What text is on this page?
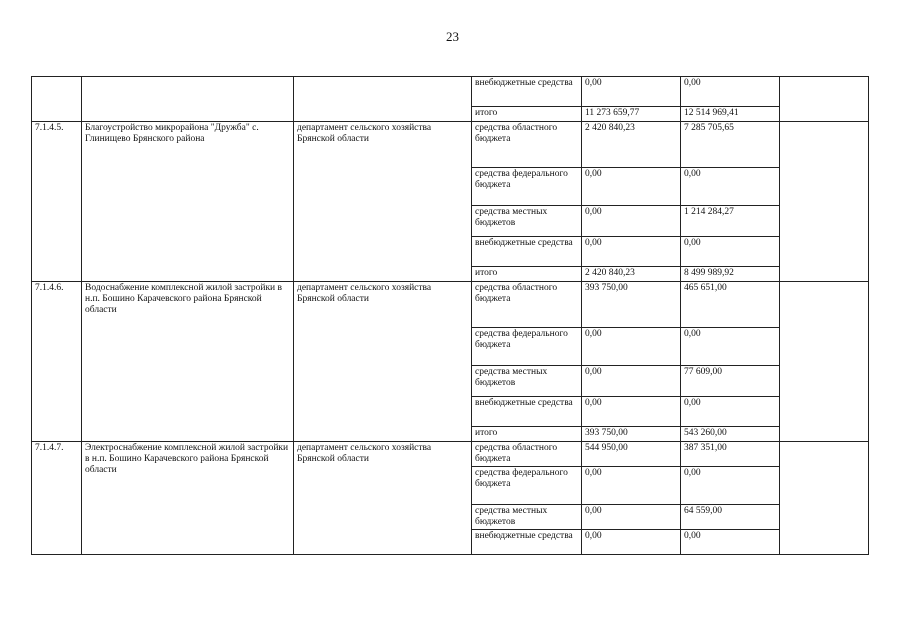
23
			внебюджетные средства	0,00	0,00	
			итого	11 273 659,77	12 514 969,41	
7.1.4.5.	Благоустройство микрорайона "Дружба" с. Глинищево Брянского района	департамент сельского хозяйства Брянской области	средства областного бюджета	2 420 840,23	7 285 705,65	
			средства федерального бюджета	0,00	0,00	
			средства местных бюджетов	0,00	1 214 284,27	
			внебюджетные средства	0,00	0,00	
			итого	2 420 840,23	8 499 989,92	
7.1.4.6.	Водоснабжение комплексной жилой застройки в н.п. Бошино Карачевского района Брянской области	департамент сельского хозяйства Брянской области	средства областного бюджета	393 750,00	465 651,00	
			средства федерального бюджета	0,00	0,00	
			средства местных бюджетов	0,00	77 609,00	
			внебюджетные средства	0,00	0,00	
			итого	393 750,00	543 260,00	
7.1.4.7.	Электроснабжение комплексной жилой застройки в н.п. Бошино Карачевского района Брянской области	департамент сельского хозяйства Брянской области	средства областного бюджета	544 950,00	387 351,00	
			средства федерального бюджета	0,00	0,00	
			средства местных бюджетов	0,00	64 559,00	
			внебюджетные средства	0,00	0,00	
